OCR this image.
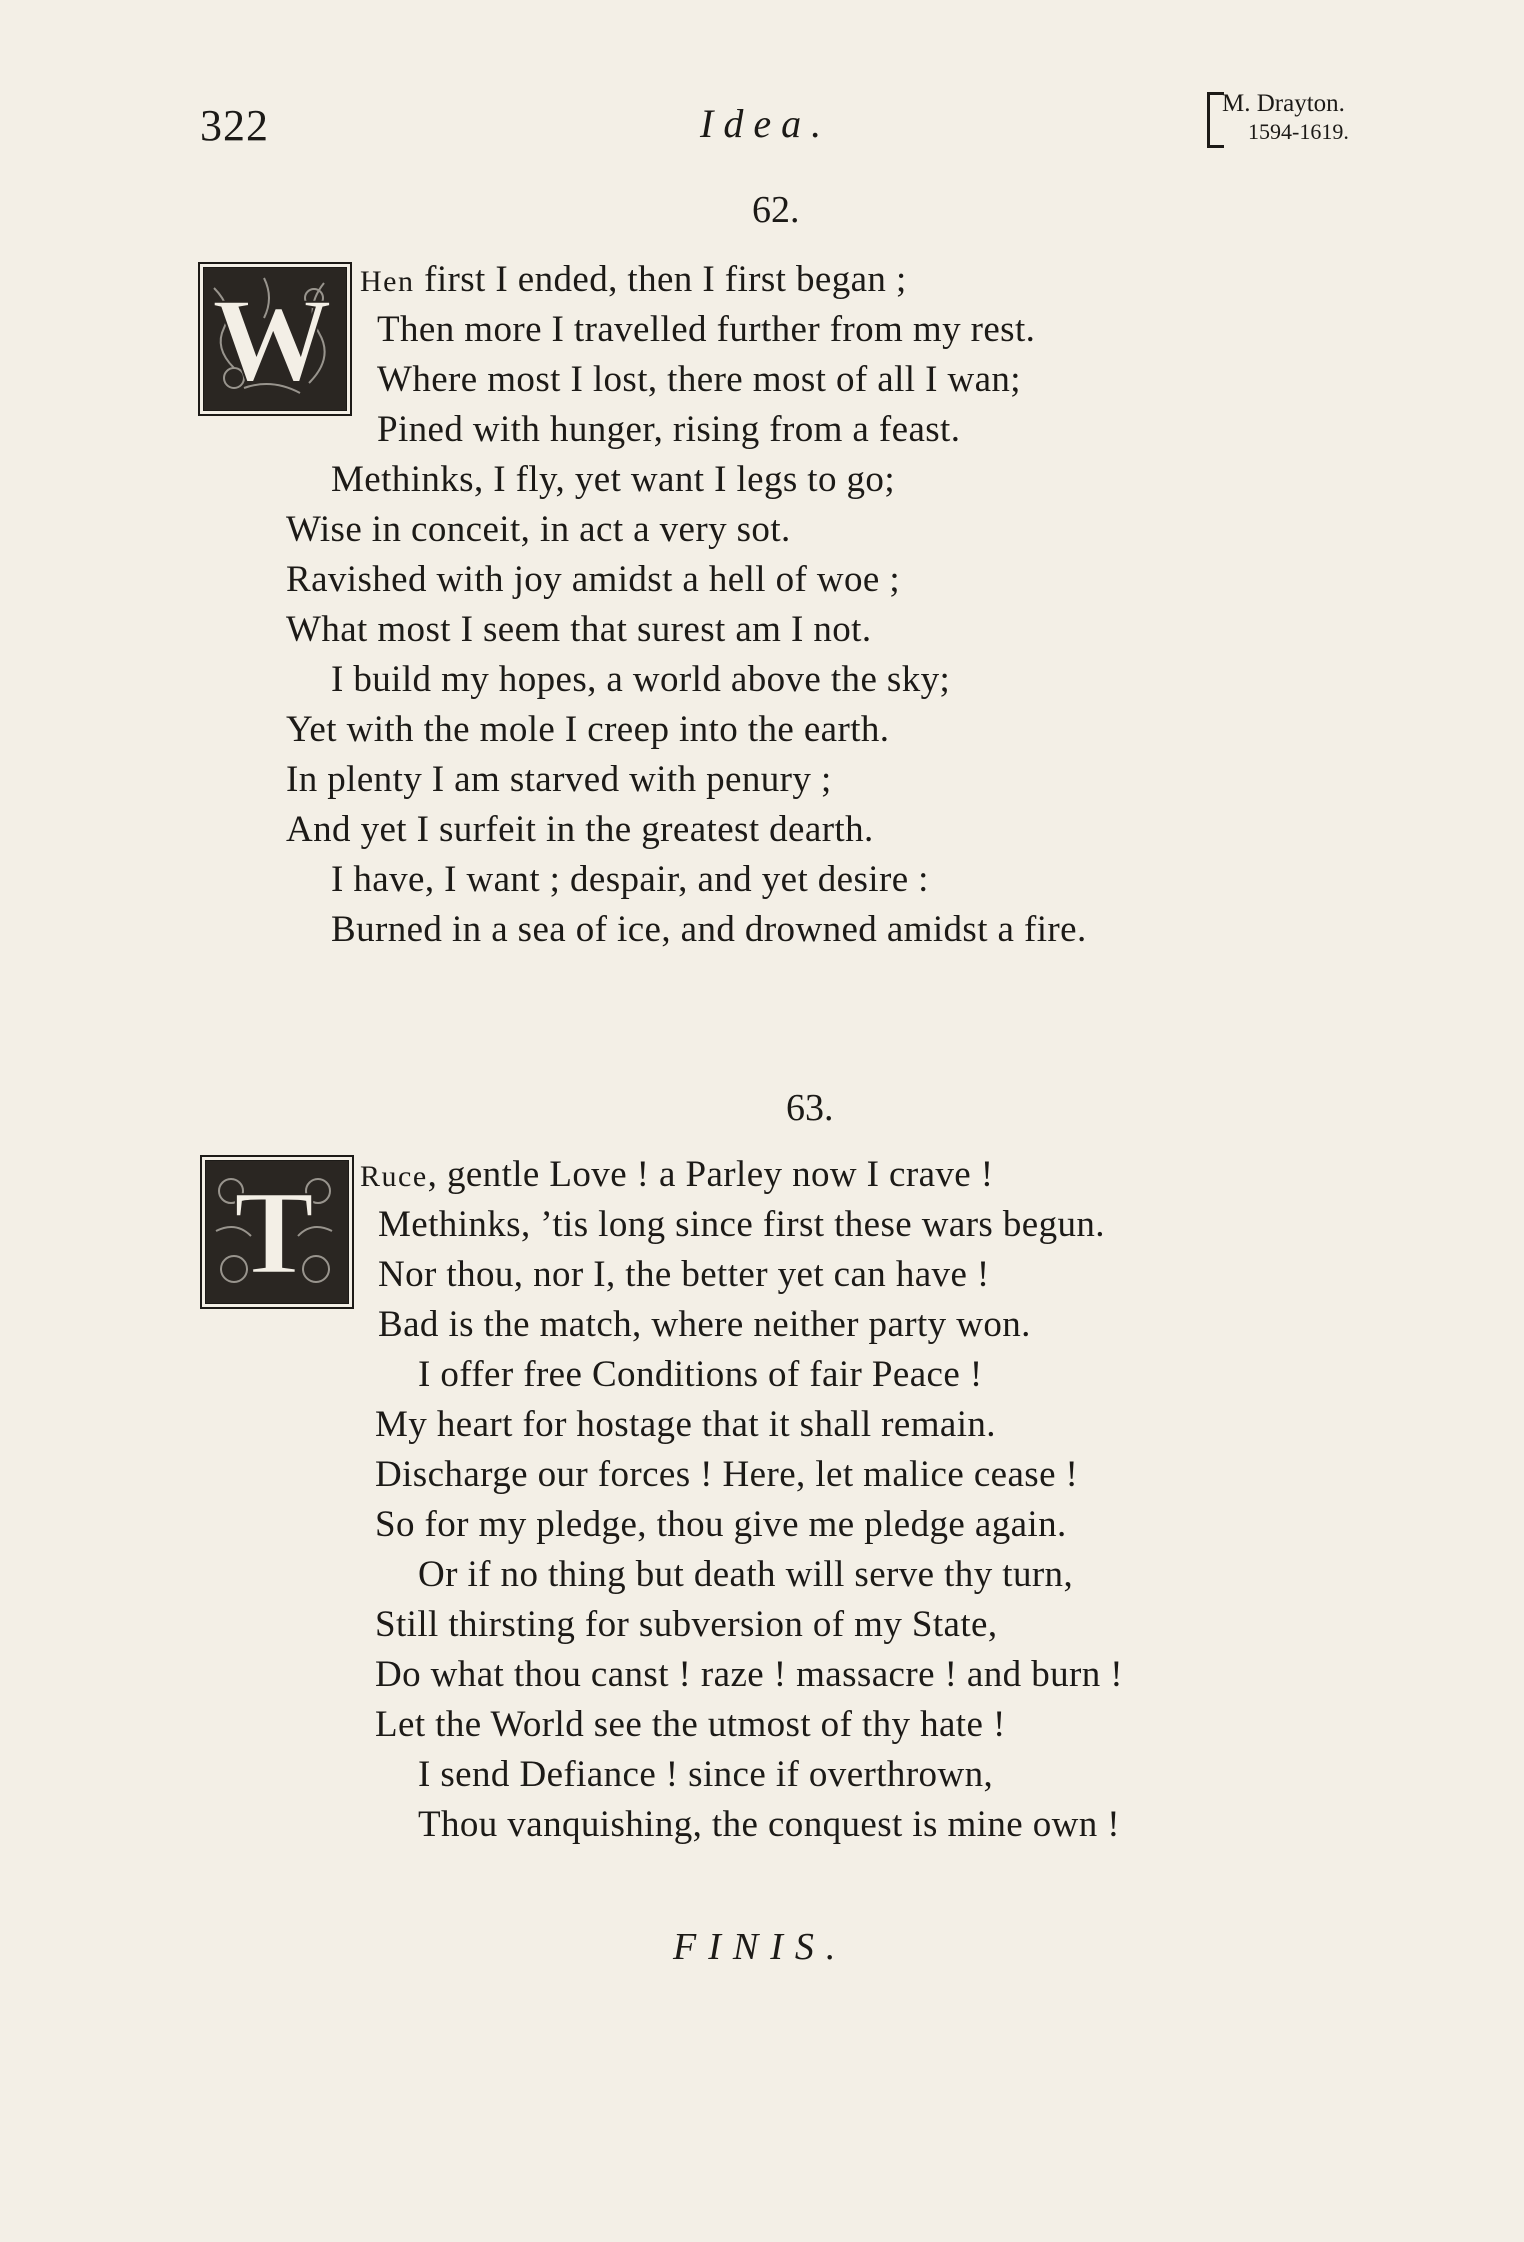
322	Idea.	M. Drayton.
1594-1619.
62.
W Hen first I ended, then I first began ;
Then more I travelled further from my rest.
Where most I lost, there most of all I wan;
Pined with hunger, rising from a feast.
Methinks, I fly, yet want I legs to go;
Wise in conceit, in act a very sot.
Ravished with joy amidst a hell of woe ;
What most I seem that surest am I not.
I build my hopes, a world above the sky;
Yet with the mole I creep into the earth.
In plenty I am starved with penury ;
And yet I surfeit in the greatest dearth.
I have, I want ; despair, and yet desire :
Burned in a sea of ice, and drowned amidst a fire.
63.
T Ruce, gentle Love ! a Parley now I crave !
Methinks, ’tis long since first these wars begun.
Nor thou, nor I, the better yet can have !
Bad is the match, where neither party won.
I offer free Conditions of fair Peace !
My heart for hostage that it shall remain.
Discharge our forces ! Here, let malice cease !
So for my pledge, thou give me pledge again.
Or if no thing but death will serve thy turn,
Still thirsting for subversion of my State,
Do what thou canst ! raze ! massacre ! and burn !
Let the World see the utmost of thy hate !
I send Defiance ! since if overthrown,
Thou vanquishing, the conquest is mine own !
FINIS.
